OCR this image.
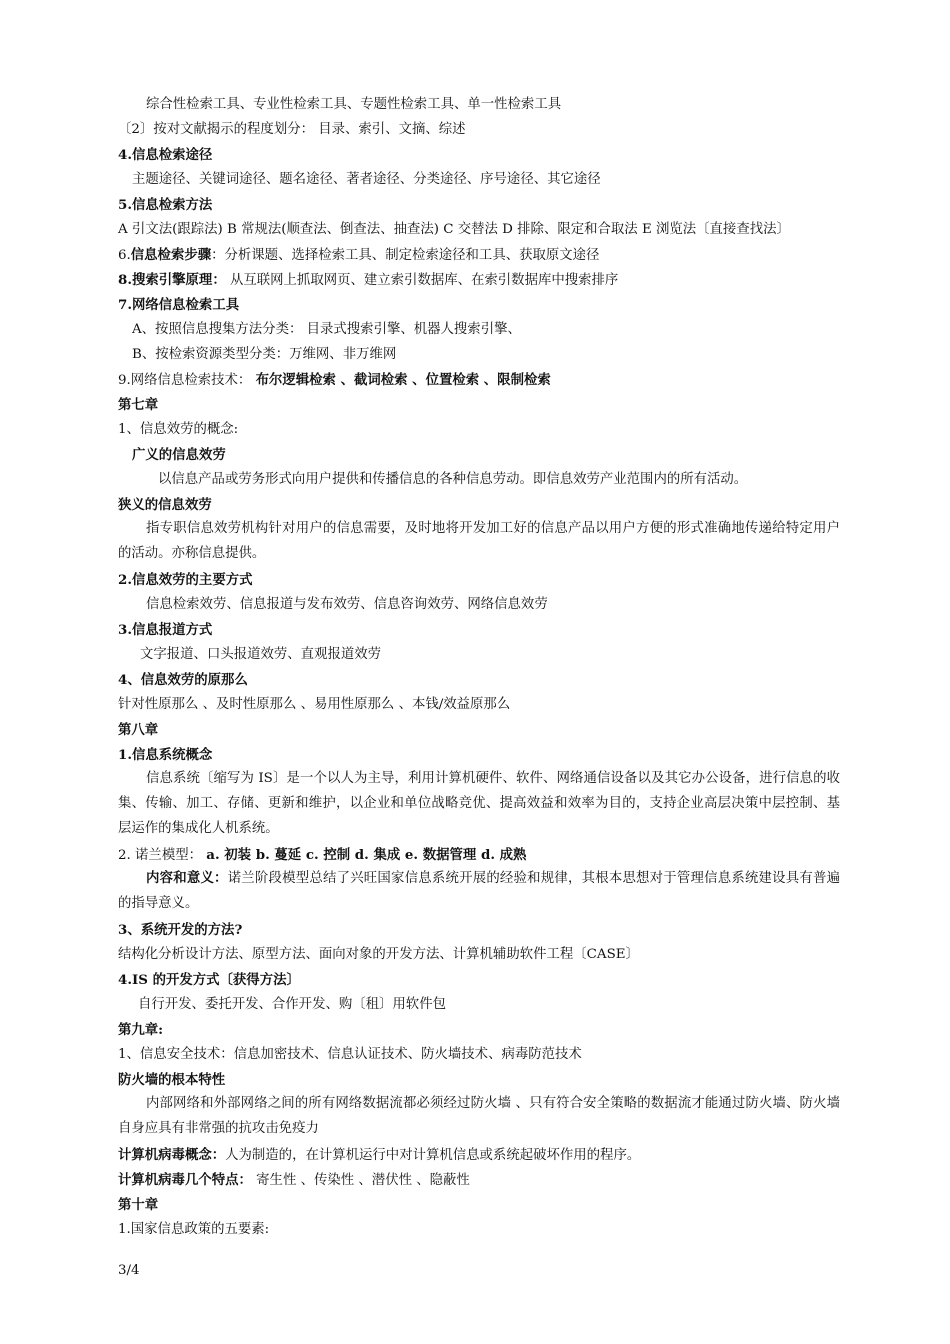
综合性检索工具、专业性检索工具、专题性检索工具、单一性检索工具

〔2〕按对文献揭示的程度划分： 目录、索引、文摘、综述

4.信息检索途径

主题途径、关键词途径、题名途径、著者途径、分类途径、序号途径、其它途径

5.信息检索方法

A 引文法(跟踪法) B 常规法(顺查法、倒查法、抽查法) C 交替法 D 排除、限定和合取法 E 浏览法〔直接查找法〕

6.信息检索步骤：分析课题、选择检索工具、制定检索途径和工具、获取原文途径

8.搜索引擎原理： 从互联网上抓取网页、建立索引数据库、在索引数据库中搜索排序

7.网络信息检索工具

A、按照信息搜集方法分类： 目录式搜索引擎、机器人搜索引擎、

B、按检索资源类型分类：万维网、非万维网

9.网络信息检索技术： 布尔逻辑检索 、截词检索 、位置检索 、限制检索

第七章

1、信息效劳的概念:

广义的信息效劳

以信息产品或劳务形式向用户提供和传播信息的各种信息劳动。即信息效劳产业范围内的所有活动。

狭义的信息效劳

指专职信息效劳机构针对用户的信息需要，及时地将开发加工好的信息产品以用户方便的形式准确地传递给特定用户的活动。亦称信息提供。

2.信息效劳的主要方式

信息检索效劳、信息报道与发布效劳、信息咨询效劳、网络信息效劳

3.信息报道方式

文字报道、口头报道效劳、直观报道效劳

4、信息效劳的原那么

针对性原那么 、及时性原那么 、易用性原那么 、本钱/效益原那么

第八章

1.信息系统概念

信息系统〔缩写为 IS〕是一个以人为主导，利用计算机硬件、软件、网络通信设备以及其它办公设备，进行信息的收集、传输、加工、存储、更新和维护，以企业和单位战略竞优、提高效益和效率为目的，支持企业高层决策中层控制、基层运作的集成化人机系统。

2. 诺兰模型： a. 初装 b. 蔓延 c. 控制 d. 集成 e. 数据管理 d. 成熟

内容和意义：诺兰阶段模型总结了兴旺国家信息系统开展的经验和规律，其根本思想对于管理信息系统建设具有普遍的指导意义。

3、系统开发的方法?

结构化分析设计方法、原型方法、面向对象的开发方法、计算机辅助软件工程〔CASE〕

4.IS 的开发方式〔获得方法〕

自行开发、委托开发、合作开发、购〔租〕用软件包

第九章:

1、信息安全技术：信息加密技术、信息认证技术、防火墙技术、病毒防范技术

防火墙的根本特性

内部网络和外部网络之间的所有网络数据流都必须经过防火墙 、只有符合安全策略的数据流才能通过防火墙、防火墙自身应具有非常强的抗攻击免疫力

计算机病毒概念：人为制造的，在计算机运行中对计算机信息或系统起破坏作用的程序。

计算机病毒几个特点： 寄生性 、传染性 、潜伏性 、隐蔽性

第十章

1.国家信息政策的五要素:

3/4
